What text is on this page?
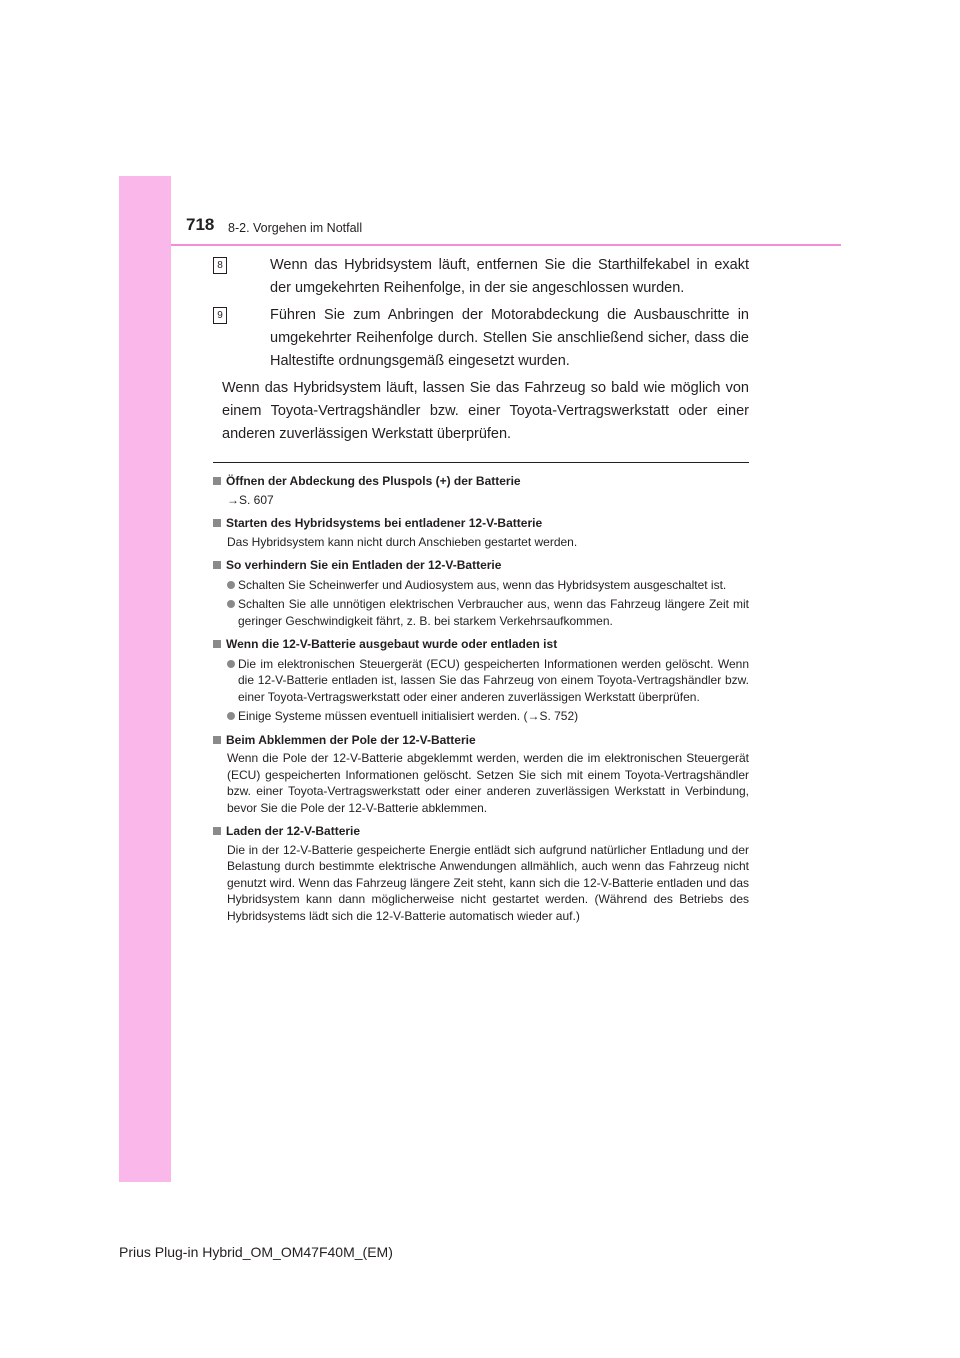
718 8-2. Vorgehen im Notfall
8	Wenn das Hybridsystem läuft, entfernen Sie die Starthilfekabel in exakt der umgekehrten Reihenfolge, in der sie angeschlossen wurden.
9	Führen Sie zum Anbringen der Motorabdeckung die Ausbauschritte in umgekehrter Reihenfolge durch. Stellen Sie anschließend sicher, dass die Haltestifte ordnungsgemäß eingesetzt wurden.
Wenn das Hybridsystem läuft, lassen Sie das Fahrzeug so bald wie möglich von einem Toyota-Vertragshändler bzw. einer Toyota-Vertragswerkstatt oder einer anderen zuverlässigen Werkstatt überprüfen.
Öffnen der Abdeckung des Pluspols (+) der Batterie
→S. 607
Starten des Hybridsystems bei entladener 12-V-Batterie
Das Hybridsystem kann nicht durch Anschieben gestartet werden.
So verhindern Sie ein Entladen der 12-V-Batterie
Schalten Sie Scheinwerfer und Audiosystem aus, wenn das Hybridsystem ausgeschaltet ist.
Schalten Sie alle unnötigen elektrischen Verbraucher aus, wenn das Fahrzeug längere Zeit mit geringer Geschwindigkeit fährt, z. B. bei starkem Verkehrsaufkommen.
Wenn die 12-V-Batterie ausgebaut wurde oder entladen ist
Die im elektronischen Steuergerät (ECU) gespeicherten Informationen werden gelöscht. Wenn die 12-V-Batterie entladen ist, lassen Sie das Fahrzeug von einem Toyota-Vertragshändler bzw. einer Toyota-Vertragswerkstatt oder einer anderen zuverlässigen Werkstatt überprüfen.
Einige Systeme müssen eventuell initialisiert werden. (→S. 752)
Beim Abklemmen der Pole der 12-V-Batterie
Wenn die Pole der 12-V-Batterie abgeklemmt werden, werden die im elektronischen Steuergerät (ECU) gespeicherten Informationen gelöscht. Setzen Sie sich mit einem Toyota-Vertragshändler bzw. einer Toyota-Vertragswerkstatt oder einer anderen zuverlässigen Werkstatt in Verbindung, bevor Sie die Pole der 12-V-Batterie abklemmen.
Laden der 12-V-Batterie
Die in der 12-V-Batterie gespeicherte Energie entlädt sich aufgrund natürlicher Entladung und der Belastung durch bestimmte elektrische Anwendungen allmählich, auch wenn das Fahrzeug nicht genutzt wird. Wenn das Fahrzeug längere Zeit steht, kann sich die 12-V-Batterie entladen und das Hybridsystem kann dann möglicherweise nicht gestartet werden. (Während des Betriebs des Hybridsystems lädt sich die 12-V-Batterie automatisch wieder auf.)
Prius Plug-in Hybrid_OM_OM47F40M_(EM)
